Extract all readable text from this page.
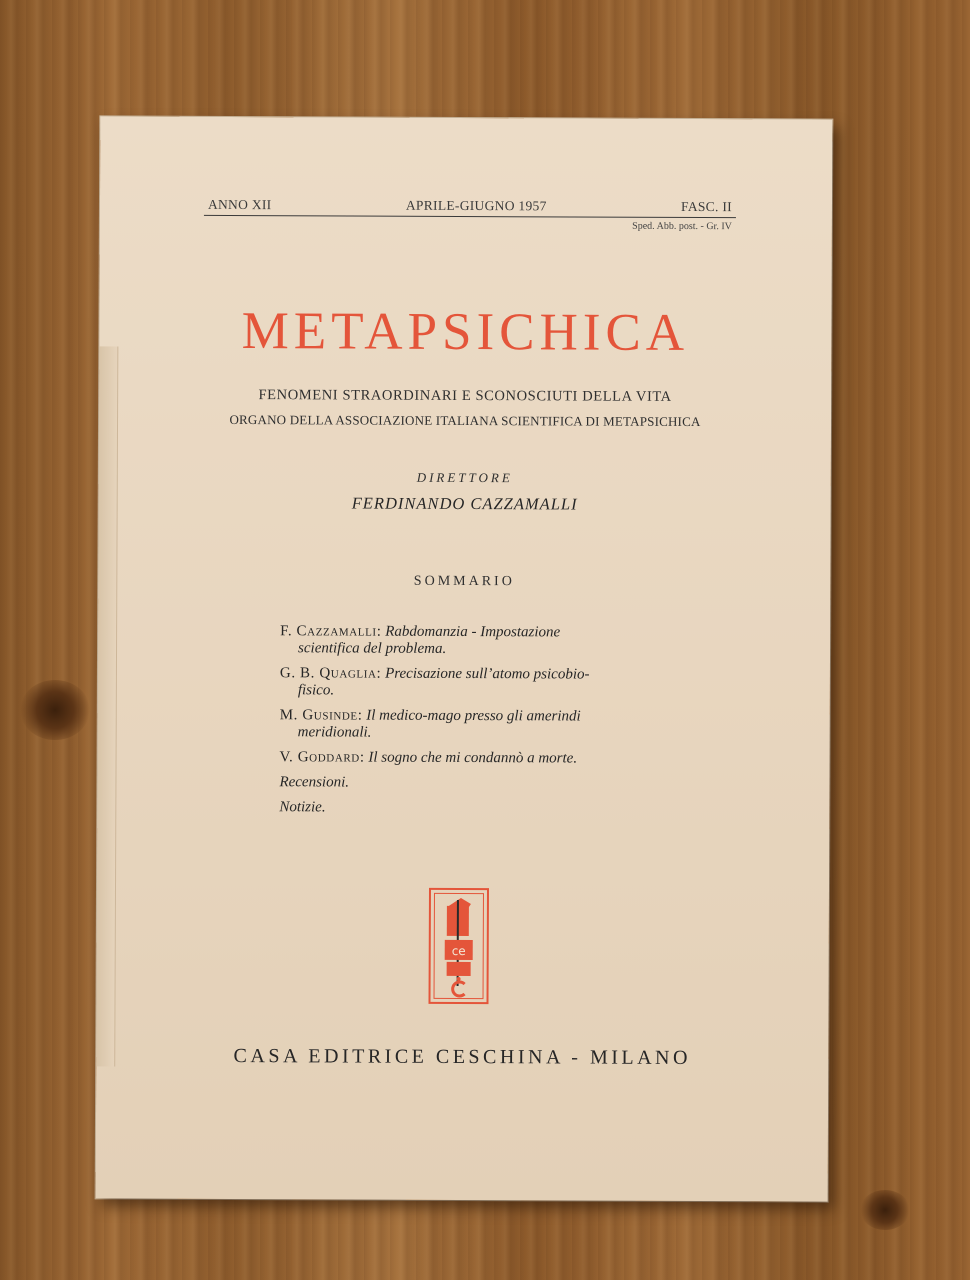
ANNO XII	APRILE-GIUGNO 1957	FASC. II
Sped. Abb. post. - Gr. IV
METAPSICHICA
FENOMENI STRAORDINARI E SCONOSCIUTI DELLA VITA
ORGANO DELLA ASSOCIAZIONE ITALIANA SCIENTIFICA DI METAPSICHICA
DIRETTORE
FERDINANDO CAZZAMALLI
SOMMARIO
F. Cazzamalli: Rabdomanzia - Impostazione
scientifica del problema.
G. B. Quaglia: Precisazione sull’atomo psicobio-
fisico.
M. Gusinde: Il medico-mago presso gli amerindi
meridionali.
V. Goddard: Il sogno che mi condannò a morte.
Recensioni.
Notizie.
ce
CASA EDITRICE CESCHINA - MILANO
